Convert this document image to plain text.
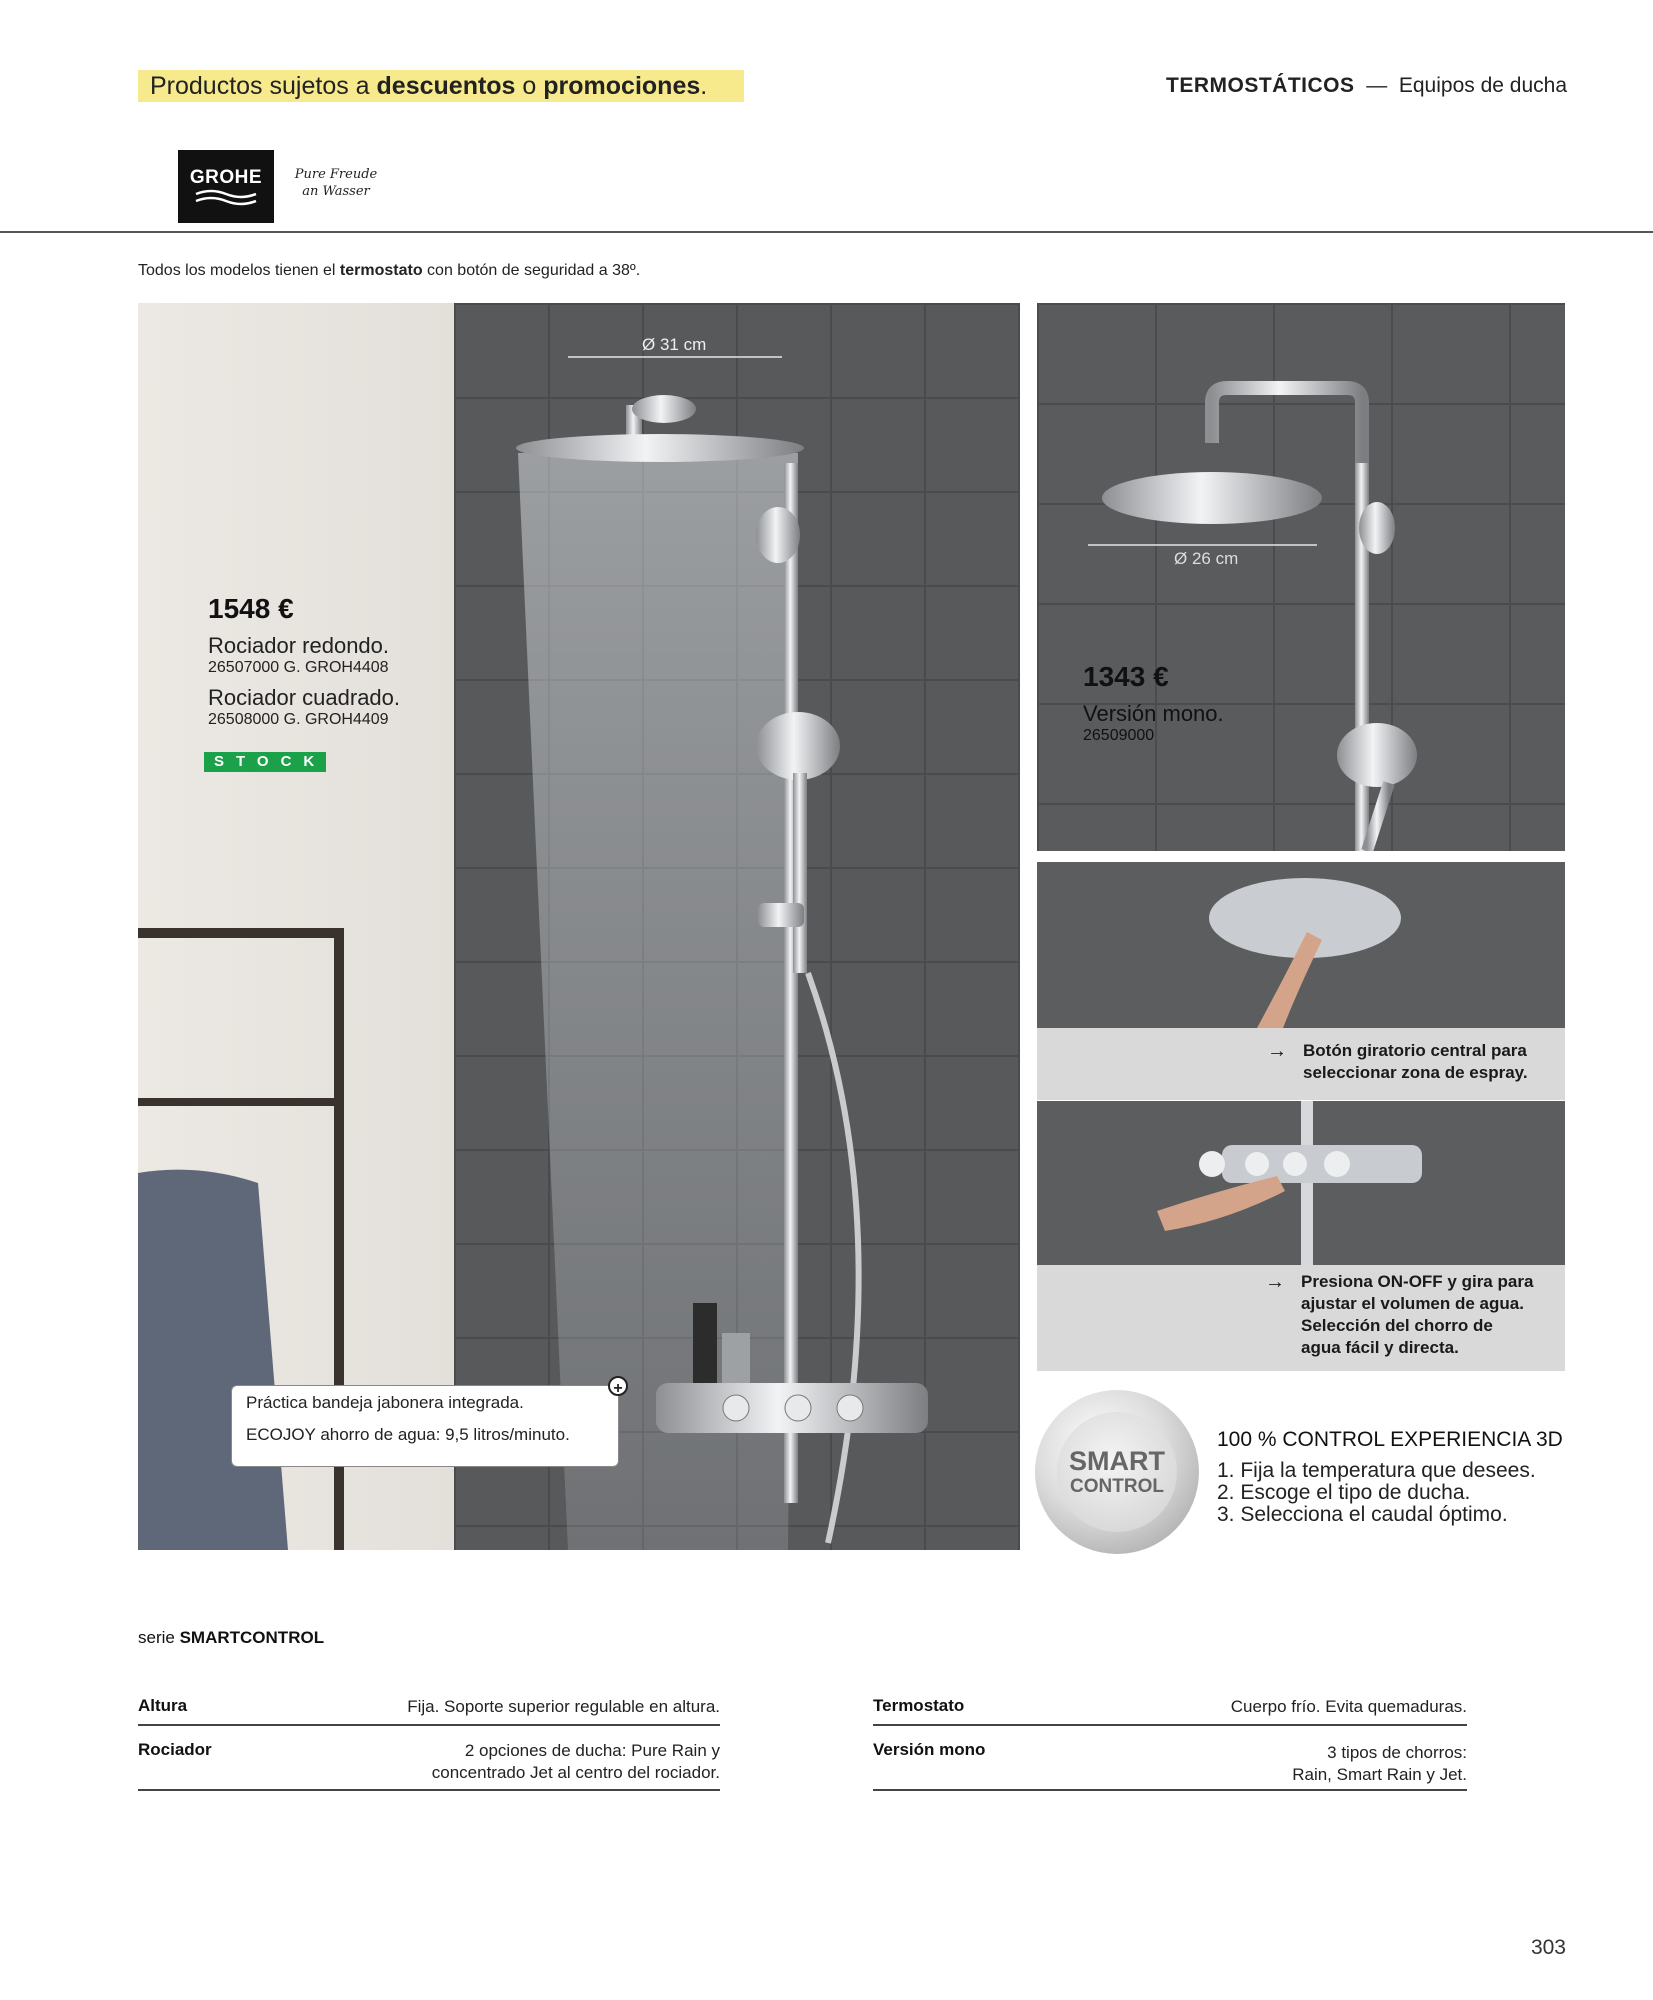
Productos sujetos a descuentos o promociones.	TERMOSTÁTICOS — Equipos de ducha
GROHE	Pure Freude
an Wasser
Todos los modelos tienen el termostato con botón de seguridad a 38º.
Ø 31 cm
1548 €
Rociador redondo.
26507000 G. GROH4408
Rociador cuadrado.
26508000 G. GROH4409
STOCK
Práctica bandeja jabonera integrada.
ECOJOY ahorro de agua: 9,5 litros/minuto.
+
Ø 26 cm
1343 €
Versión mono.
26509000
→ Botón giratorio central para
seleccionar zona de espray.
→ Presiona ON-OFF y gira para
ajustar el volumen de agua.
Selección del chorro de
agua fácil y directa.
SMART
CONTROL
100 % CONTROL EXPERIENCIA 3D
1. Fija la temperatura que desees.
2. Escoge el tipo de ducha.
3. Selecciona el caudal óptimo.
serie SMARTCONTROL
Altura	Fija. Soporte superior regulable en altura.
Rociador	2 opciones de ducha: Pure Rain y
concentrado Jet al centro del rociador.
Termostato	Cuerpo frío. Evita quemaduras.
Versión mono	3 tipos de chorros:
Rain, Smart Rain y Jet.
303
